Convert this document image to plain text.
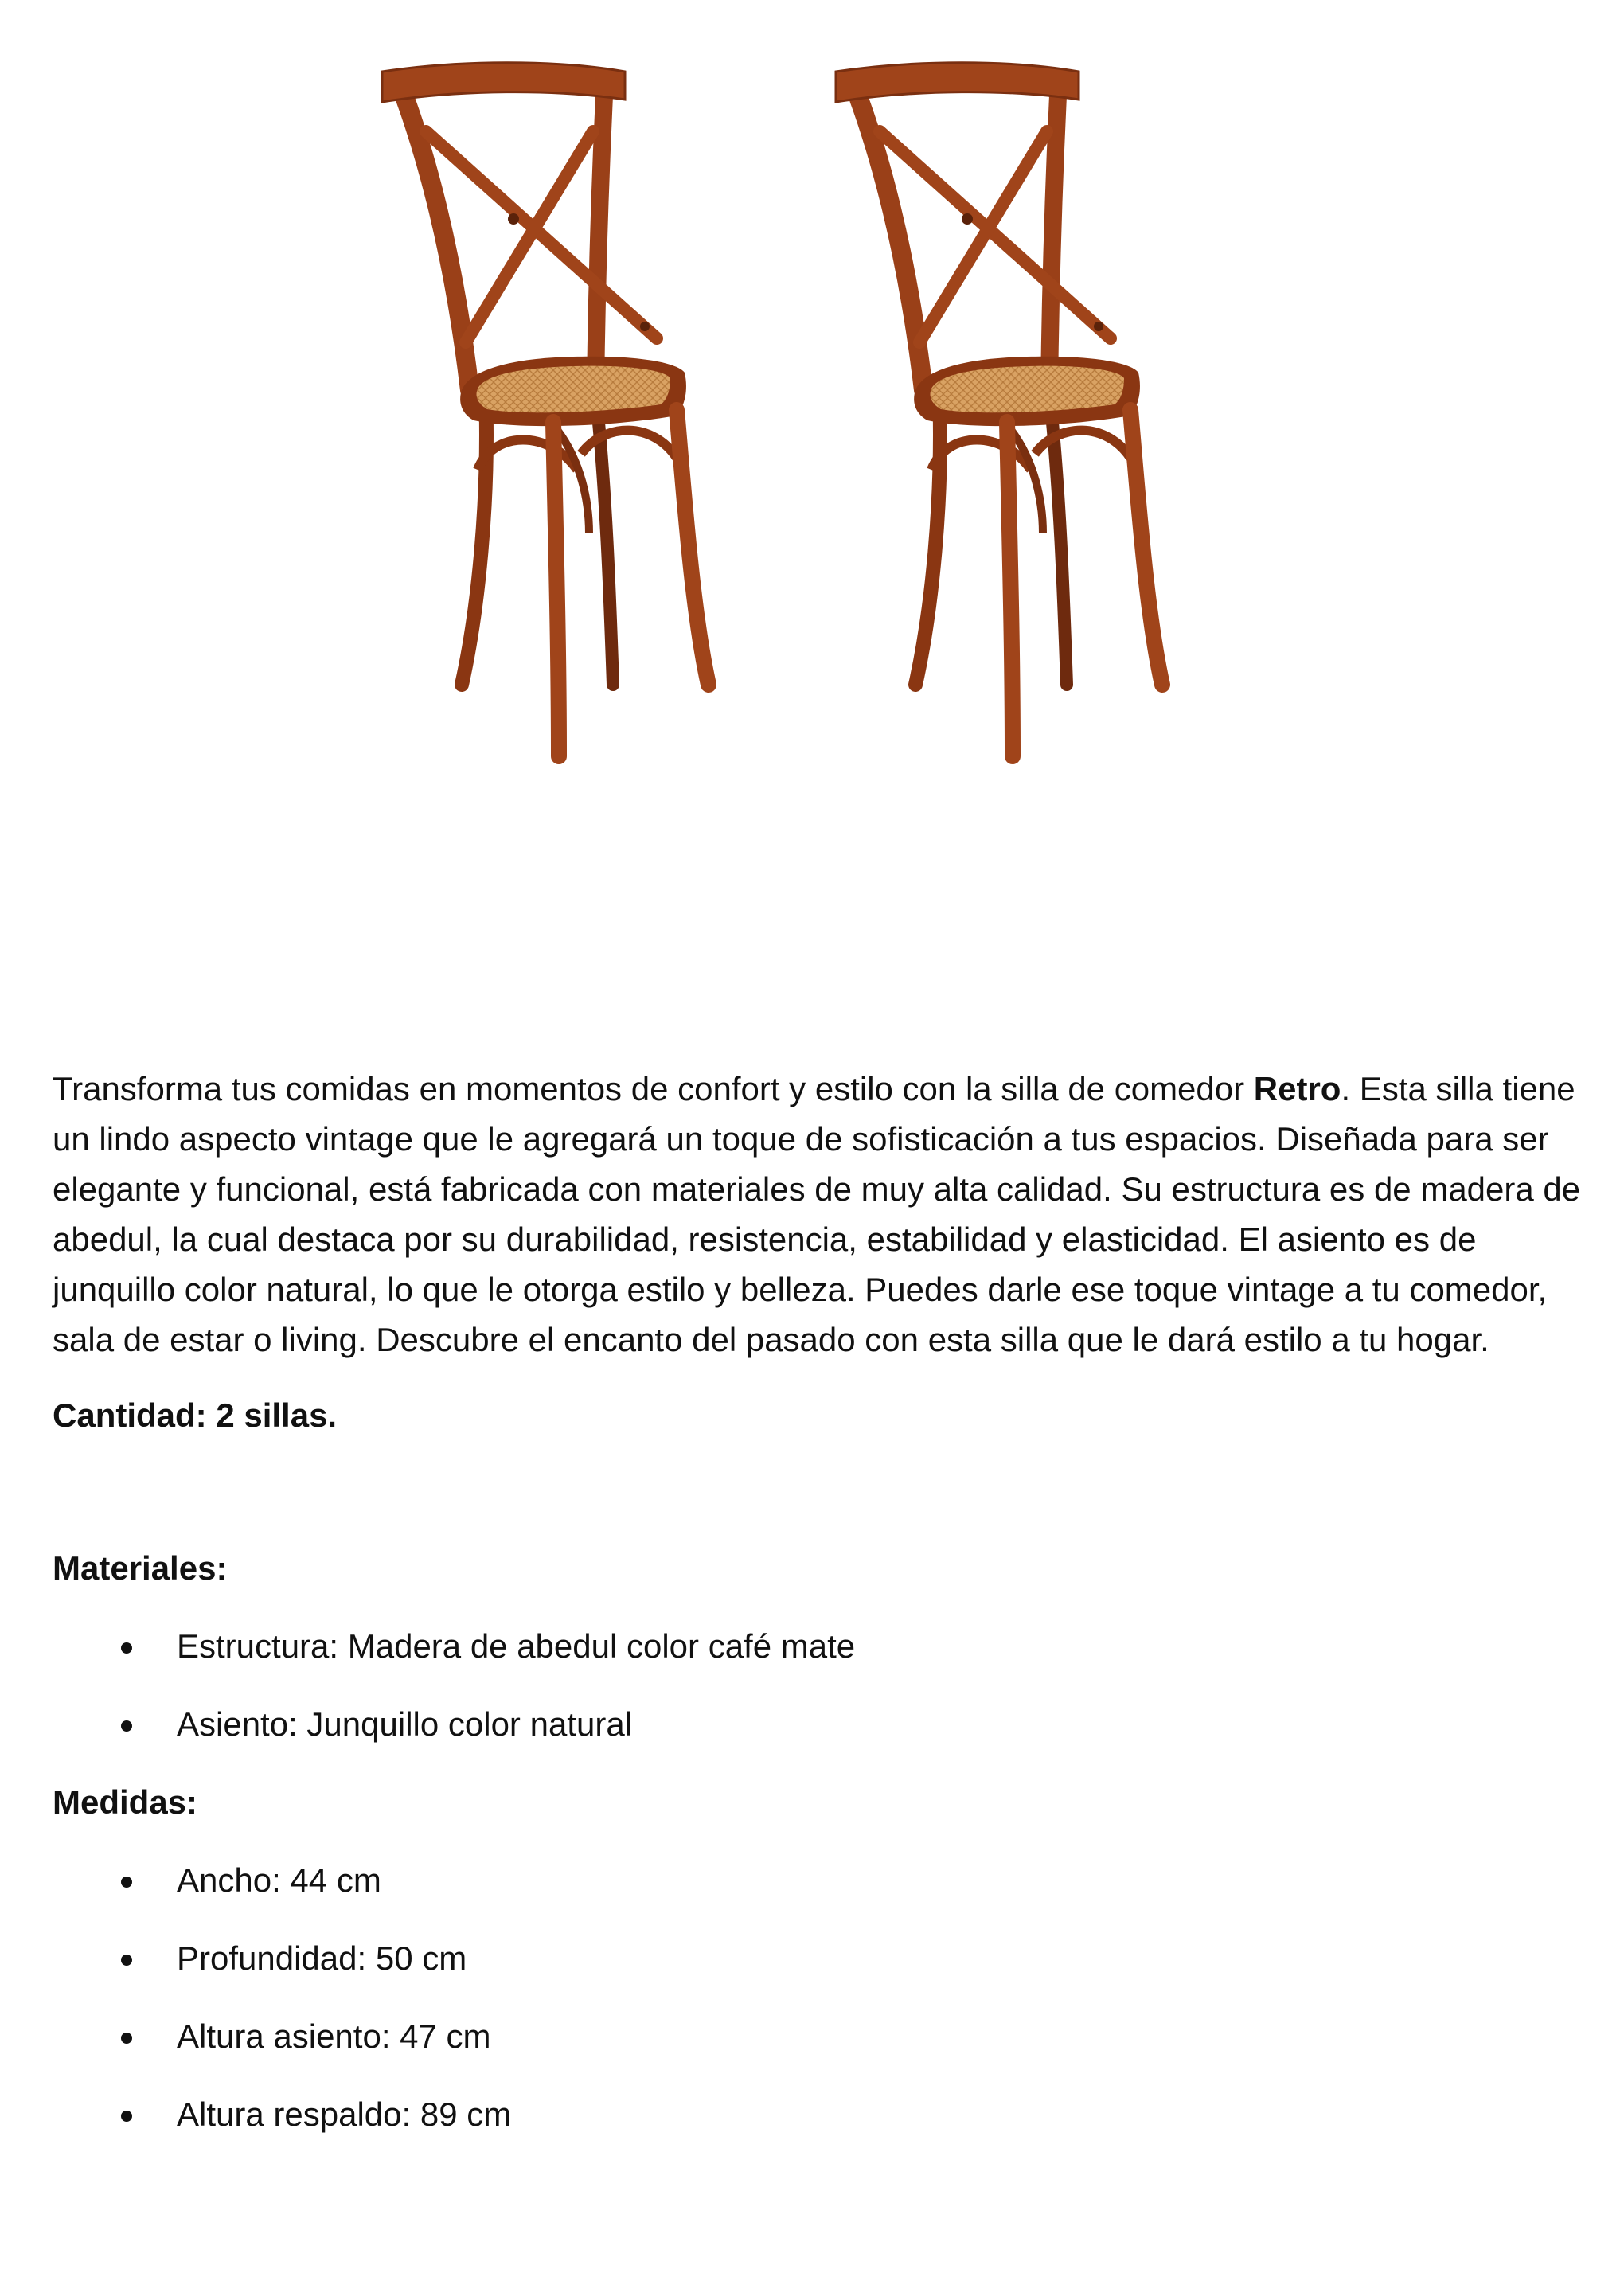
Transforma tus comidas en momentos de confort y estilo con la silla de comedor Retro. Esta silla tiene un lindo aspecto vintage que le agregará un toque de sofisticación a tus espacios. Diseñada para ser elegante y funcional, está fabricada con materiales de muy alta calidad. Su estructura es de madera de abedul, la cual destaca por su durabilidad, resistencia, estabilidad y elasticidad. El asiento es de junquillo color natural, lo que le otorga estilo y belleza. Puedes darle ese toque vintage a tu comedor, sala de estar o living. Descubre el encanto del pasado con esta silla que le dará estilo a tu hogar.

Cantidad: 2 sillas.

Materiales:

Estructura: Madera de abedul color café mate
Asiento: Junquillo color natural

Medidas:

Ancho: 44 cm
Profundidad: 50 cm
Altura asiento: 47 cm
Altura respaldo: 89 cm
